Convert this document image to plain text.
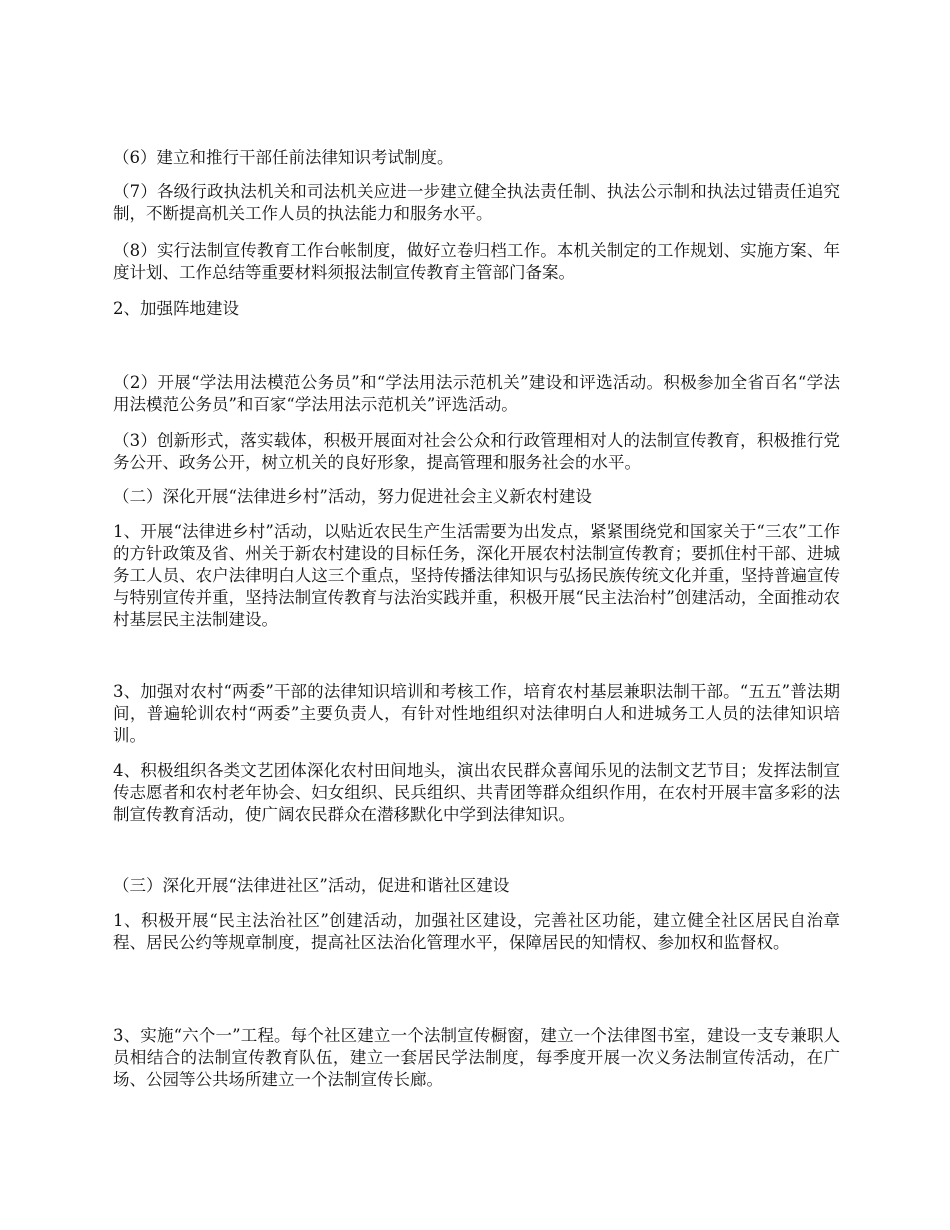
（6）建立和推行干部任前法律知识考试制度。

（7）各级行政执法机关和司法机关应进一步建立健全执法责任制、执法公示制和执法过错责任追究制，不断提高机关工作人员的执法能力和服务水平。

（8）实行法制宣传教育工作台帐制度，做好立卷归档工作。本机关制定的工作规划、实施方案、年度计划、工作总结等重要材料须报法制宣传教育主管部门备案。

2、加强阵地建设

（2）开展“学法用法模范公务员”和“学法用法示范机关”建设和评选活动。积极参加全省百名“学法用法模范公务员”和百家“学法用法示范机关”评选活动。

（3）创新形式，落实载体，积极开展面对社会公众和行政管理相对人的法制宣传教育，积极推行党务公开、政务公开，树立机关的良好形象，提高管理和服务社会的水平。

（二）深化开展“法律进乡村”活动，努力促进社会主义新农村建设

1、开展“法律进乡村”活动，以贴近农民生产生活需要为出发点，紧紧围绕党和国家关于“三农”工作的方针政策及省、州关于新农村建设的目标任务，深化开展农村法制宣传教育；要抓住村干部、进城务工人员、农户法律明白人这三个重点，坚持传播法律知识与弘扬民族传统文化并重，坚持普遍宣传与特别宣传并重，坚持法制宣传教育与法治实践并重，积极开展“民主法治村”创建活动，全面推动农村基层民主法制建设。

3、加强对农村“两委”干部的法律知识培训和考核工作，培育农村基层兼职法制干部。“五五”普法期间，普遍轮训农村“两委”主要负责人，有针对性地组织对法律明白人和进城务工人员的法律知识培训。

4、积极组织各类文艺团体深化农村田间地头，演出农民群众喜闻乐见的法制文艺节目；发挥法制宣传志愿者和农村老年协会、妇女组织、民兵组织、共青团等群众组织作用，在农村开展丰富多彩的法制宣传教育活动，使广阔农民群众在潜移默化中学到法律知识。

（三）深化开展“法律进社区”活动，促进和谐社区建设

1、积极开展“民主法治社区”创建活动，加强社区建设，完善社区功能，建立健全社区居民自治章程、居民公约等规章制度，提高社区法治化管理水平，保障居民的知情权、参加权和监督权。

3、实施“六个一”工程。每个社区建立一个法制宣传橱窗，建立一个法律图书室，建设一支专兼职人员相结合的法制宣传教育队伍，建立一套居民学法制度，每季度开展一次义务法制宣传活动，在广场、公园等公共场所建立一个法制宣传长廊。
